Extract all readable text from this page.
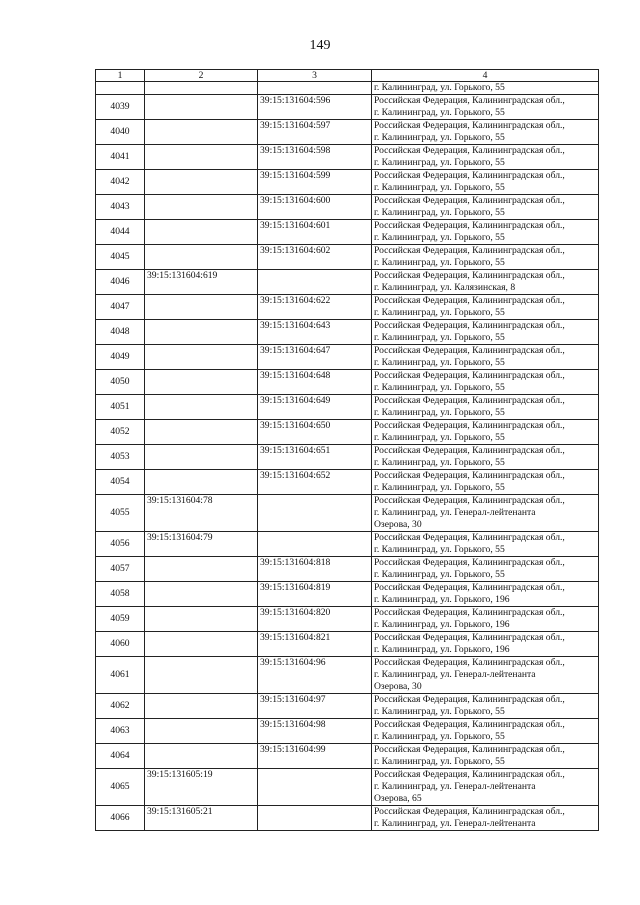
149
1	2	3	4
			г. Калининград, ул. Горького, 55
4039		39:15:131604:596	Российская Федерация, Калининградская обл.,
г. Калининград, ул. Горького, 55
4040		39:15:131604:597	Российская Федерация, Калининградская обл.,
г. Калининград, ул. Горького, 55
4041		39:15:131604:598	Российская Федерация, Калининградская обл.,
г. Калининград, ул. Горького, 55
4042		39:15:131604:599	Российская Федерация, Калининградская обл.,
г. Калининград, ул. Горького, 55
4043		39:15:131604:600	Российская Федерация, Калининградская обл.,
г. Калининград, ул. Горького, 55
4044		39:15:131604:601	Российская Федерация, Калининградская обл.,
г. Калининград, ул. Горького, 55
4045		39:15:131604:602	Российская Федерация, Калининградская обл.,
г. Калининград, ул. Горького, 55
4046	39:15:131604:619		Российская Федерация, Калининградская обл.,
г. Калининград, ул. Калязинская, 8
4047		39:15:131604:622	Российская Федерация, Калининградская обл.,
г. Калининград, ул. Горького, 55
4048		39:15:131604:643	Российская Федерация, Калининградская обл.,
г. Калининград, ул. Горького, 55
4049		39:15:131604:647	Российская Федерация, Калининградская обл.,
г. Калининград, ул. Горького, 55
4050		39:15:131604:648	Российская Федерация, Калининградская обл.,
г. Калининград, ул. Горького, 55
4051		39:15:131604:649	Российская Федерация, Калининградская обл.,
г. Калининград, ул. Горького, 55
4052		39:15:131604:650	Российская Федерация, Калининградская обл.,
г. Калининград, ул. Горького, 55
4053		39:15:131604:651	Российская Федерация, Калининградская обл.,
г. Калининград, ул. Горького, 55
4054		39:15:131604:652	Российская Федерация, Калининградская обл.,
г. Калининград, ул. Горького, 55
4055	39:15:131604:78		Российская Федерация, Калининградская обл.,
г. Калининград, ул. Генерал-лейтенанта
Озерова, 30
4056	39:15:131604:79		Российская Федерация, Калининградская обл.,
г. Калининград, ул. Горького, 55
4057		39:15:131604:818	Российская Федерация, Калининградская обл.,
г. Калининград, ул. Горького, 55
4058		39:15:131604:819	Российская Федерация, Калининградская обл.,
г. Калининград, ул. Горького, 196
4059		39:15:131604:820	Российская Федерация, Калининградская обл.,
г. Калининград, ул. Горького, 196
4060		39:15:131604:821	Российская Федерация, Калининградская обл.,
г. Калининград, ул. Горького, 196
4061		39:15:131604:96	Российская Федерация, Калининградская обл.,
г. Калининград, ул. Генерал-лейтенанта
Озерова, 30
4062		39:15:131604:97	Российская Федерация, Калининградская обл.,
г. Калининград, ул. Горького, 55
4063		39:15:131604:98	Российская Федерация, Калининградская обл.,
г. Калининград, ул. Горького, 55
4064		39:15:131604:99	Российская Федерация, Калининградская обл.,
г. Калининград, ул. Горького, 55
4065	39:15:131605:19		Российская Федерация, Калининградская обл.,
г. Калининград, ул. Генерал-лейтенанта
Озерова, 65
4066	39:15:131605:21		Российская Федерация, Калининградская обл.,
г. Калининград, ул. Генерал-лейтенанта
